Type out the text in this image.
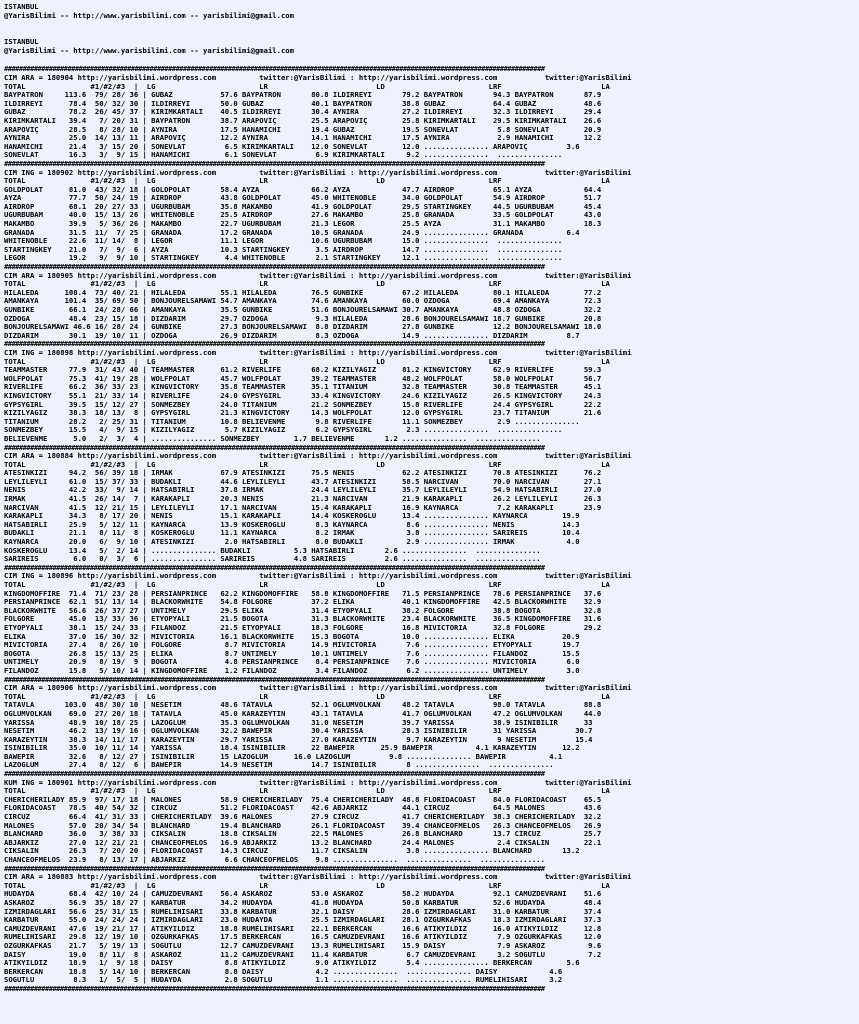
ISTANBUL
@YarisBilimi -- http://www.yarisbilimi.com -- yarisbilimi@gmail.com
ISTANBUL
@YarisBilimi -- http://www.yarisbilimi.com -- yarisbilimi@gmail.com
#################################################################################################################################################
CIM ARA = 180904 http://yarisbilimi.wordpress.com          twitter:@YarisBilimi : http://yarisbilimi.wordpress.com           twitter:@YarisBilimi
TOTAL               #1/#2/#3  |  LG                        LR                         LD                        LRF                       LA
BAYPATRON     113.6  79/ 28/ 36 | GUBAZ           57.6 BAYPATRON       80.8 ILDIRREYI       79.2 BAYPATRON       94.3 BAYPATRON       87.9
ILDIRREYI      78.4  50/ 32/ 30 | ILDIRREYI       50.0 GUBAZ           40.1 BAYPATRON       38.8 GUBAZ           64.4 GUBAZ           48.6
GUBAZ          78.2  26/ 45/ 37 | KIRIMKARTALI    40.5 ILDIRREYI       30.4 AYNIRA          27.2 ILDIRREYI       32.3 ILDIRREYI       29.4
KIRIMKARTALI   39.4   7/ 20/ 31 | BAYPATRON       38.7 ARAPOVIÇ        25.5 ARAPOVIÇ        25.8 KIRIMKARTALI    29.5 KIRIMKARTALI    26.6
ARAPOVIÇ       28.5   8/ 28/ 10 | AYNIRA          17.5 HANAMICHI       19.4 GUBAZ           19.5 SONEVLAT         5.8 SONEVLAT        20.9
AYNIRA         25.0  14/ 13/ 11 | ARAPOVIÇ        12.2 AYNIRA          14.1 HANAMICHI       17.5 AYNIRA           2.9 HANAMICHI       12.2
HANAMICHI      21.4   3/ 15/ 20 | SONEVLAT         6.5 KIRIMKARTALI    12.0 SONEVLAT        12.0 ............... ARAPOVIÇ         3.6
SONEVLAT       16.3   3/  9/ 15 | HANAMICHI        6.1 SONEVLAT         6.9 KIRIMKARTALI     9.2 ...............  ...............
#################################################################################################################################################
CIM ING = 180902 http://yarisbilimi.wordpress.com          twitter:@YarisBilimi : http://yarisbilimi.wordpress.com           twitter:@YarisBilimi
TOTAL               #1/#2/#3  |  LG                        LR                         LD                        LRF                       LA
GOLDPOLAT      81.0  43/ 32/ 18 | GOLDPOLAT       58.4 AYZA            66.2 AYZA            47.7 AIRDROP         65.1 AYZA            64.4
AYZA           77.7  50/ 24/ 19 | AIRDROP         43.8 GOLDPOLAT       45.0 WHITENOBLE      34.0 GOLDPOLAT       54.9 AIRDROP         51.7
AIRDROP        68.1  20/ 27/ 33 | UGURBUBAM       35.8 MAKAMBO         41.9 GOLDPOLAT       29.5 STARTINGKEY     44.5 UGURBUBAM       45.4
UGURBUBAM      40.0  15/ 13/ 26 | WHITENOBLE      25.5 AIRDROP         27.6 MAKAMBO         25.8 GRANADA         33.5 GOLDPOLAT       43.0
MAKAMBO        39.9   5/ 36/ 26 | MAKAMBO         22.7 UGURBUBAM       21.3 LEGOR           25.5 AYZA            31.1 MAKAMBO         18.3
GRANADA        31.5  11/  7/ 25 | GRANADA         17.2 GRANADA         10.5 GRANADA         24.9 ............... GRANADA          6.4
WHITENOBLE     22.6  11/ 14/  8 | LEGOR           11.1 LEGOR           10.6 UGURBUBAM       15.0 ...............  ...............
STARTINGKEY    21.0   7/  9/  6 | AYZA            10.3 STARTINGKEY      3.5 AIRDROP         14.7 ...............  ...............
LEGOR          19.2   9/  9/ 10 | STARTINGKEY      4.4 WHITENOBLE       2.1 STARTINGKEY     12.1 ...............  ...............
#################################################################################################################################################
CIM ARA = 180905 http://yarisbilimi.wordpress.com          twitter:@YarisBilimi : http://yarisbilimi.wordpress.com           twitter:@YarisBilimi
TOTAL               #1/#2/#3  |  LG                        LR                         LD                        LRF                       LA
HILALEDA      108.4  73/ 40/ 21 | HILALEDA        55.1 HILALEDA        76.5 GUNBIKE         67.2 HILALEDA        80.1 HILALEDA        77.2
AMANKAYA      101.4  35/ 69/ 50 | BONJOURELSAMAWI 54.7 AMANKAYA        74.6 AMANKAYA        60.0 OZDOGA          69.4 AMANKAYA        72.3
GUNBIKE        66.1  24/ 28/ 66 | AMANKAYA        35.5 GUNBIKE         51.6 BONJOURELSAMAWI 30.7 AMANKAYA        48.8 OZDOGA          32.2
OZDOGA         48.4  23/ 15/ 18 | DIZDARIM        29.7 OZDOGA           9.3 HILALEDA        28.6 BONJOURELSAMAWI 18.7 GUNBIKE         20.8
BONJOURELSAMAWI 46.6 16/ 28/ 24 | GUNBIKE         27.3 BONJOURELSAMAWI  8.8 DIZDARIM        27.8 GUNBIKE         12.2 BONJOURELSAMAWI 18.0
DIZDARIM       30.1  19/ 10/ 11 | OZDOGA          26.9 DIZDARIM         8.3 OZDOGA          14.9 ............... DIZDARIM         8.7
#################################################################################################################################################
CIM ING = 180898 http://yarisbilimi.wordpress.com          twitter:@YarisBilimi : http://yarisbilimi.wordpress.com           twitter:@YarisBilimi
TOTAL               #1/#2/#3  |  LG                        LR                         LD                        LRF                       LA
TEAMMASTER     77.9  31/ 43/ 40 | TEAMMASTER      61.2 RIVERLIFE       68.2 KIZILYAGIZ      81.2 KINGVICTORY     62.9 RIVERLIFE       59.3
WOLFPOLAT      75.3  41/ 19/ 28 | WOLFPOLAT       45.7 WOLFPOLAT       39.2 TEAMMASTER      48.2 WOLFPOLAT       58.0 WOLFPOLAT       56.7
RIVERLIFE      66.2  36/ 33/ 23 | KINGVICTORY     35.8 TEAMMASTER      35.1 TITANIUM        32.8 TEAMMASTER      30.8 TEAMMASTER      45.1
KINGVICTORY    55.1  21/ 33/ 14 | RIVERLIFE       24.0 GYPSYGIRL       33.4 KINGVICTORY     24.6 KIZILYAGIZ      26.5 KINGVICTORY     24.3
GYPSYGIRL      39.5  15/ 12/ 27 | SONMEZBEY       24.0 TITANIUM        21.2 SONMEZBEY       15.8 RIVERLIFE       24.4 GYPSYGIRL       22.2
KIZILYAGIZ     38.3  18/ 13/  8 | GYPSYGIRL       21.3 KINGVICTORY     14.3 WOLFPOLAT       12.0 GYPSYGIRL       23.7 TITANIUM        21.6
TITANIUM       28.2   2/ 25/ 31 | TITANIUM        10.8 BELIEVENME       9.8 RIVERLIFE       11.1 SONMEZBEY        2.9 ...............
SONMEZBEY      15.5   4/  9/ 15 | KIZILYAGIZ       5.7 KIZILYAGIZ       6.2 GYPSYGIRL        2.3 ...............  ...............
BELIEVENME      5.0   2/  3/  4 | ............... SONMEZBEY        1.7 BELIEVENME       1.2 ...............  ...............
#################################################################################################################################################
CIM ARA = 180884 http://yarisbilimi.wordpress.com          twitter:@YarisBilimi : http://yarisbilimi.wordpress.com           twitter:@YarisBilimi
TOTAL               #1/#2/#3  |  LG                        LR                         LD                        LRF                       LA
ATESINKIZI     94.2  56/ 39/ 18 | IRMAK           67.9 ATESINKIZI      75.5 NENIS           62.2 ATESINKIZI      70.8 ATESINKIZI      76.2
LEYLILEYLI     61.0  15/ 37/ 33 | BUDAKLI         44.6 LEYLILEYLI      43.7 ATESINKIZI      58.5 NARCIVAN        70.0 NARCIVAN        27.1
NENIS          42.2  33/  9/ 14 | HATSABIRLI      37.8 IRMAK           24.4 LEYLILEYLI      35.7 LEYLILEYLI      54.9 HATSABIRLI      27.0
IRMAK          41.5  26/ 14/  7 | KARAKAPLI       20.3 NENIS           21.3 NARCIVAN        21.9 KARAKAPLI       26.2 LEYLILEYLI      26.3
NARCIVAN       41.5  12/ 21/ 15 | LEYLILEYLI      17.1 NARCIVAN        15.4 KARAKAPLI       16.9 KAYNARCA         7.2 KARAKAPLI       23.9
KARAKAPLI      34.3   8/ 17/ 20 | NENIS           15.1 KARAKAPLI       14.4 KOSKEROGLU      13.4 ............... KAYNARCA        19.9
HATSABIRLI     25.9   5/ 12/ 11 | KAYNARCA        13.9 KOSKEROGLU       8.3 KAYNARCA         8.6 ............... NENIS           14.3
BUDAKLI        21.1   8/ 11/  8 | KOSKEROGLU      11.1 KAYNARCA         8.2 IRMAK            3.8 ............... SARIREIS        10.4
KAYNARCA       20.0   6/  9/ 10 | ATESINKIZI       2.0 HATSABIRLI       8.0 BUDAKLI          2.9 ............... IRMAK            4.0
KOSKEROGLU     13.4   5/  2/ 14 | ............... BUDAKLI          5.3 HATSABIRLI       2.6 ...............  ...............
SARIREIS        6.0   0/  3/  6 | ............... SARIREIS         4.8 SARIREIS         2.6 ...............  ...............
#################################################################################################################################################
CIM ING = 180896 http://yarisbilimi.wordpress.com          twitter:@YarisBilimi : http://yarisbilimi.wordpress.com           twitter:@YarisBilimi
TOTAL               #1/#2/#3  |  LG                        LR                         LD                        LRF                       LA
KINGDOMOFFIRE  71.4  71/ 23/ 28 | PERSIANPRINCE   62.2 KINGDOMOFFIRE   58.8 KINGDOMOFFIRE   71.5 PERSIANPRINCE   78.6 PERSIANPRINCE   37.6
PERSIANPRINCE  62.1  51/ 13/ 14 | BLACKORWHITE    54.8 FOLGORE         37.2 ELIKA           40.1 KINGDOMOFFIRE   42.5 BLACKORWHITE    32.9
BLACKORWHITE   56.6  26/ 37/ 27 | UNTIMELY        29.5 ELIKA           31.4 ETYOPYALI       38.2 FOLGORE         38.8 BOGOTA          32.8
FOLGORE        45.0  13/ 33/ 36 | ETYOPYALI       21.5 BOGOTA          31.3 BLACKORWHITE    23.4 BLACKORWHITE    36.5 KINGDOMOFFIRE   31.6
ETYOPYALI      38.1  15/ 24/ 33 | FILANDOZ        21.5 ETYOPYALI       18.3 FOLGORE         16.8 MIVICTORIA      32.8 FOLGORE         29.2
ELIKA          37.0  16/ 30/ 32 | MIVICTORIA      16.1 BLACKORWHITE    15.3 BOGOTA          10.0 ............... ELIKA           20.9
MIVICTORIA     27.4   8/ 26/ 10 | FOLGORE          8.7 MIVICTORIA      14.9 MIVICTORIA       7.6 ............... ETYOPYALI       19.7
BOGOTA         26.8  15/ 13/ 25 | ELIKA            8.7 UNTIMELY        10.1 UNTIMELY         7.6 ............... FILANDOZ        15.5
UNTIMELY       20.9   8/ 19/  9 | BOGOTA           4.8 PERSIANPRINCE    8.4 PERSIANPRINCE    7.6 ............... MIVICTORIA       6.0
FILANDOZ       15.8   5/ 10/ 14 | KINGDOMOFFIRE    1.2 FILANDOZ         3.4 FILANDOZ         6.2 ............... UNTIMELY         3.0
#################################################################################################################################################
CIM ARA = 180906 http://yarisbilimi.wordpress.com          twitter:@YarisBilimi : http://yarisbilimi.wordpress.com           twitter:@YarisBilimi
TOTAL               #1/#2/#3  |  LG                        LR                         LD                        LRF                       LA
TATAVLA       103.0  48/ 30/ 10 | NESETIM         48.6 TATAVLA         52.1 OGLUMVOLKAN     48.2 TATAVLA         98.0 TATAVLA         88.8
OGLUMVOLKAN    69.0  27/ 20/ 18 | TATAVLA         45.0 KARAZEYTIN      43.1 TATAVLA         41.7 OGLUMVOLKAN     47.2 OGLUMVOLKAN     44.0
YARISSA        48.9  10/ 18/ 25 | LAZOGLUM        35.3 OGLUMVOLKAN     31.0 NESETIM         39.7 YARISSA         38.9 ISINIBILIR      33
NESETIM        46.2  13/ 19/ 16 | OGLUMVOLKAN     32.2 BAWEPIR         30.4 YARISSA         28.3 ISINIBILIR      31 YARISSA         30.7
KARAZEYTIN     38.3  14/ 11/ 17 | KARAZEYTIN      29.7 YARISSA         27.0 KARAZEYTIN       9.7 KARAZEYTIN       9 NESETIM         15.4
ISINIBILIR     35.0  10/ 11/ 14 | YARISSA         18.4 ISINIBILIR      22 BAWEPIR      25.9 BAWEPIR          4.1 KARAZEYTIN      12.2
BAWEPIR        32.6   8/ 12/ 27 | ISINIBILIR      15 LAZOGLUM      16.0 LAZOGLUM         9.8 ............... BAWEPIR          4.1
LAZOGLUM       27.4   8/ 12/  6 | BAWEPIR         14.9 NESETIM         14.7 ISINIBILIR       8 ...............  ...............
#################################################################################################################################################
KUM ING = 180901 http://yarisbilimi.wordpress.com          twitter:@YarisBilimi : http://yarisbilimi.wordpress.com           twitter:@YarisBilimi
TOTAL               #1/#2/#3  |  LG                        LR                         LD                        LRF                       LA
CHERICHERILADY 85.9  97/ 17/ 18 | MALONES         58.9 CHERICHERILADY  75.4 CHERICHERILADY  48.8 FLORIDACOAST    84.0 FLORIDACOAST    65.5
FLORIDACOAST   78.5  40/ 54/ 32 | CIRCUZ          51.2 FLORIDACOAST    42.6 ABJARKIZ        44.1 CIRCUZ          64.5 MALONES         43.6
CIRCUZ         66.4  41/ 31/ 33 | CHERICHERILADY  39.6 MALONES         27.9 CIRCUZ          41.7 CHERICHERILADY  38.3 CHERICHERILADY  32.2
MALONES        57.0  20/ 34/ 54 | BLANCHARD       19.4 BLANCHARD       26.1 FLORIDACOAST    39.4 CHANCEOFMELOS   26.3 CHANCEOFMELOS   26.9
BLANCHARD      36.0   3/ 38/ 33 | CIKSALIN        18.8 CIKSALIN        22.5 MALONES         26.8 BLANCHARD       13.7 CIRCUZ          25.7
ABJARKIZ       27.0  12/ 21/ 21 | CHANCEOFMELOS   16.9 ABJARKIZ        13.2 BLANCHARD       24.4 MALONES          2.4 CIKSALIN        22.1
CIKSALIN       26.3   7/ 20/ 20 | FLORIDACOAST    14.3 CIRCUZ          11.7 CIKSALIN         3.8 ............... BLANCHARD       13.2
CHANCEOFMELOS  23.9   8/ 13/ 17 | ABJARKIZ         6.6 CHANCEOFMELOS    9.8 ...............  ...............  ...............
#################################################################################################################################################
CIM ARA = 180883 http://yarisbilimi.wordpress.com          twitter:@YarisBilimi : http://yarisbilimi.wordpress.com           twitter:@YarisBilimi
TOTAL               #1/#2/#3  |  LG                        LR                         LD                        LRF                       LA
HUDAYDA        68.4  42/ 10/ 24 | CAMUZDEVRANI    56.4 ASKAROZ         53.0 ASKAROZ         58.2 HUDAYDA         92.1 CAMUZDEVRANI    51.6
ASKAROZ        56.9  35/ 18/ 27 | KARBATUR        34.2 HUDAYDA         41.8 HUDAYDA         50.8 KARBATUR        52.6 HUDAYDA         48.4
IZMIRDAGLARI   56.6  25/ 31/ 15 | RUMELIHISARI    33.8 KARBATUR        32.1 DAISY           28.6 IZMIRDAGLARI    31.0 KARBATUR        37.4
KARBATUR       55.0  24/ 24/ 24 | IZMIRDAGLARI    23.0 HUDAYDA         25.5 IZMIRDAGLARI    28.1 OZGURKAFKAS     18.3 IZMIRDAGLARI    37.3
CAMUZDEVRANI   47.6  19/ 21/ 17 | ATIKYILDIZ      18.8 RUMELIHISARI    22.1 BERKERCAN       16.6 ATIKYILDIZ      16.0 ATIKYILDIZ      12.8
RUMELIHISARI   29.8  12/ 19/ 10 | OZGURKAFKAS     17.5 BERKERCAN       16.5 CAMUZDEVRANI    16.6 ATIKYILDIZ       7.9 OZGURKAFKAS     12.0
OZGURKAFKAS    21.7   5/ 19/ 13 | SOGUTLU         12.7 CAMUZDEVRANI    13.3 RUMELIHISARI    15.9 DAISY            7.9 ASKAROZ          9.6
DAISY          19.0   8/ 11/  8 | ASKAROZ         11.2 CAMUZDEVRANI    11.4 KARBATUR         6.7 CAMUZDEVRANI     3.2 SOGUTLU          7.2
ATIKYILDIZ     18.9   1/  9/ 18 | DAISY            8.8 ATIKYILDIZ       9.0 ATIKYILDIZ       5.4 ............... BERKERCAN        5.6
BERKERCAN      18.8   5/ 14/ 10 | BERKERCAN        8.8 DAISY            4.2 ...............  ............... DAISY            4.6
SOGUTLU         8.3   1/  5/  5 | HUDAYDA          2.8 SOGUTLU          1.1 ...............  ............... RUMELIHISARI     3.2
#################################################################################################################################################
